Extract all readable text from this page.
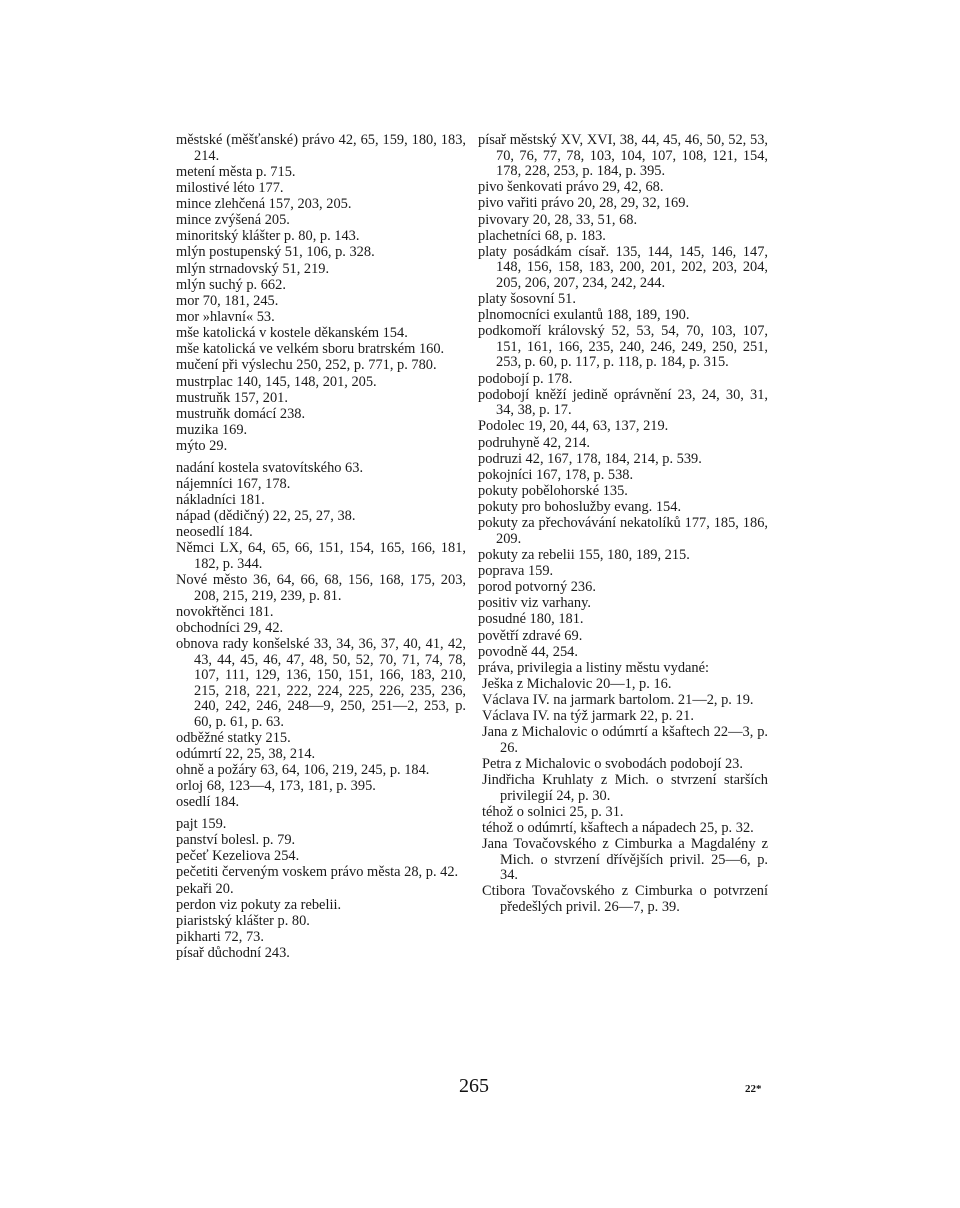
městské (měšťanské) právo 42, 65, 159, 180, 183, 214.
metení města p. 715.
milostivé léto 177.
mince zlehčená 157, 203, 205.
mince zvýšená 205.
minoritský klášter p. 80, p. 143.
mlýn postupenský 51, 106, p. 328.
mlýn strnadovský 51, 219.
mlýn suchý p. 662.
mor 70, 181, 245.
mor »hlavní« 53.
mše katolická v kostele děkanském 154.
mše katolická ve velkém sboru bratrském 160.
mučení při výslechu 250, 252, p. 771, p. 780.
mustrplac 140, 145, 148, 201, 205.
mustruňk 157, 201.
mustruňk domácí 238.
muzika 169.
mýto 29.
nadání kostela svatovítského 63.
nájemníci 167, 178.
nákladníci 181.
nápad (dědičný) 22, 25, 27, 38.
neosedlí 184.
Němci LX, 64, 65, 66, 151, 154, 165, 166, 181, 182, p. 344.
Nové město 36, 64, 66, 68, 156, 168, 175, 203, 208, 215, 219, 239, p. 81.
novokřtěnci 181.
obchodníci 29, 42.
obnova rady konšelské 33, 34, 36, 37, 40, 41, 42, 43, 44, 45, 46, 47, 48, 50, 52, 70, 71, 74, 78, 107, 111, 129, 136, 150, 151, 166, 183, 210, 215, 218, 221, 222, 224, 225, 226, 235, 236, 240, 242, 246, 248—9, 250, 251—2, 253, p. 60, p. 61, p. 63.
odběžné statky 215.
odúmrtí 22, 25, 38, 214.
ohně a požáry 63, 64, 106, 219, 245, p. 184.
orloj 68, 123—4, 173, 181, p. 395.
osedlí 184.
pajt 159.
panství bolesl. p. 79.
pečeť Kezeliova 254.
pečetiti červeným voskem právo města 28, p. 42.
pekaři 20.
perdon viz pokuty za rebelii.
piaristský klášter p. 80.
pikharti 72, 73.
písař důchodní 243.
písař městský XV, XVI, 38, 44, 45, 46, 50, 52, 53, 70, 76, 77, 78, 103, 104, 107, 108, 121, 154, 178, 228, 253, p. 184, p. 395.
pivo šenkovati právo 29, 42, 68.
pivo vařiti právo 20, 28, 29, 32, 169.
pivovary 20, 28, 33, 51, 68.
plachetníci 68, p. 183.
platy posádkám císař. 135, 144, 145, 146, 147, 148, 156, 158, 183, 200, 201, 202, 203, 204, 205, 206, 207, 234, 242, 244.
platy šosovní 51.
plnomocníci exulantů 188, 189, 190.
podkomoří královský 52, 53, 54, 70, 103, 107, 151, 161, 166, 235, 240, 246, 249, 250, 251, 253, p. 60, p. 117, p. 118, p. 184, p. 315.
podobojí p. 178.
podobojí kněží jedině oprávnění 23, 24, 30, 31, 34, 38, p. 17.
Podolec 19, 20, 44, 63, 137, 219.
podruhyně 42, 214.
podruzi 42, 167, 178, 184, 214, p. 539.
pokojníci 167, 178, p. 538.
pokuty pobělohorské 135.
pokuty pro bohoslužby evang. 154.
pokuty za přechovávání nekatolíků 177, 185, 186, 209.
pokuty za rebelii 155, 180, 189, 215.
poprava 159.
porod potvorný 236.
positiv viz varhany.
posudné 180, 181.
povětří zdravé 69.
povodně 44, 254.
práva, privilegia a listiny městu vydané:
Ješka z Michalovic 20—1, p. 16.
Václava IV. na jarmark bartolom. 21—2, p. 19.
Václava IV. na týž jarmark 22, p. 21.
Jana z Michalovic o odúmrtí a kšaftech 22—3, p. 26.
Petra z Michalovic o svobodách podobojí 23.
Jindřicha Kruhlaty z Mich. o stvrzení starších privilegií 24, p. 30.
téhož o solnici 25, p. 31.
téhož o odúmrtí, kšaftech a nápadech 25, p. 32.
Jana Tovačovského z Cimburka a Magdalény z Mich. o stvrzení dřívějších privil. 25—6, p. 34.
Ctibora Tovačovského z Cimburka o potvrzení předešlých privil. 26—7, p. 39.
265	22*
